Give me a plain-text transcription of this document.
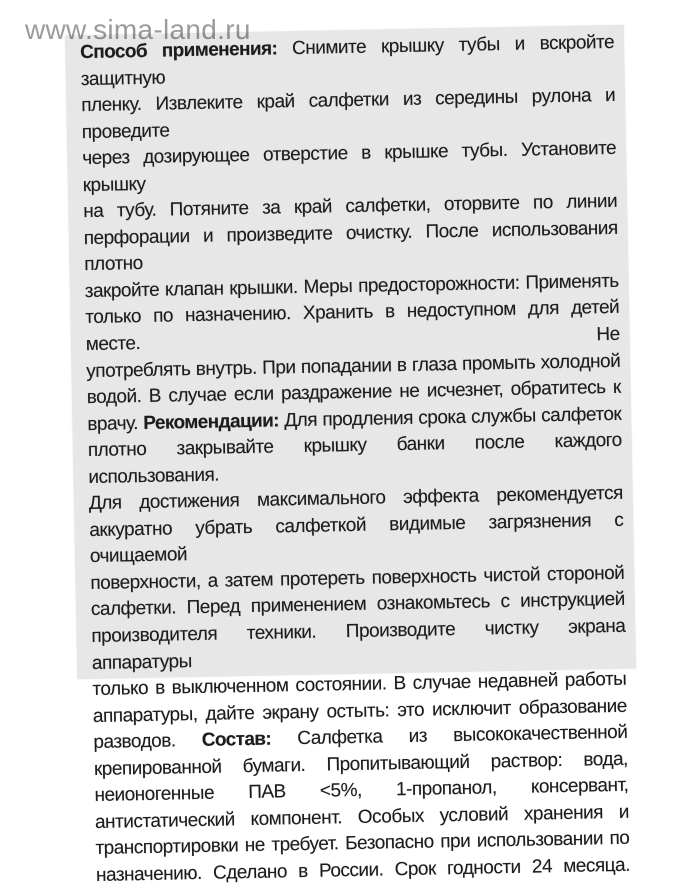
Способ применения: Снимите крышку тубы и вскройте защитную
пленку. Извлеките край салфетки из середины рулона и проведите
через дозирующее отверстие в крышке тубы. Установите крышку
на тубу. Потяните за край салфетки, оторвите по линии
перфорации и произведите очистку. После использования плотно
закройте клапан крышки. Меры предосторожности: Применять
только по назначению. Хранить в недоступном для детей месте. Не
употреблять внутрь. При попадании в глаза промыть холодной
водой. В случае если раздражение не исчезнет, обратитесь к
врачу. Рекомендации: Для продления срока службы салфеток
плотно закрывайте крышку банки после каждого использования.
Для достижения максимального эффекта рекомендуется
аккуратно убрать салфеткой видимые загрязнения с очищаемой
поверхности, а затем протереть поверхность чистой стороной
салфетки. Перед применением ознакомьтесь с инструкцией
производителя техники. Производите чистку экрана аппаратуры
только в выключенном состоянии. В случае недавней работы
аппаратуры, дайте экрану остыть: это исключит образование
разводов. Состав: Салфетка из высококачественной
крепированной бумаги. Пропитывающий раствор: вода,
неионогенные ПАВ <5%, 1-пропанол, консервант,
антистатический компонент. Особых условий хранения и
транспортировки не требует. Безопасно при использовании по
назначению. Сделано в России. Срок годности 24 месяца.
www.sima-land.ru
